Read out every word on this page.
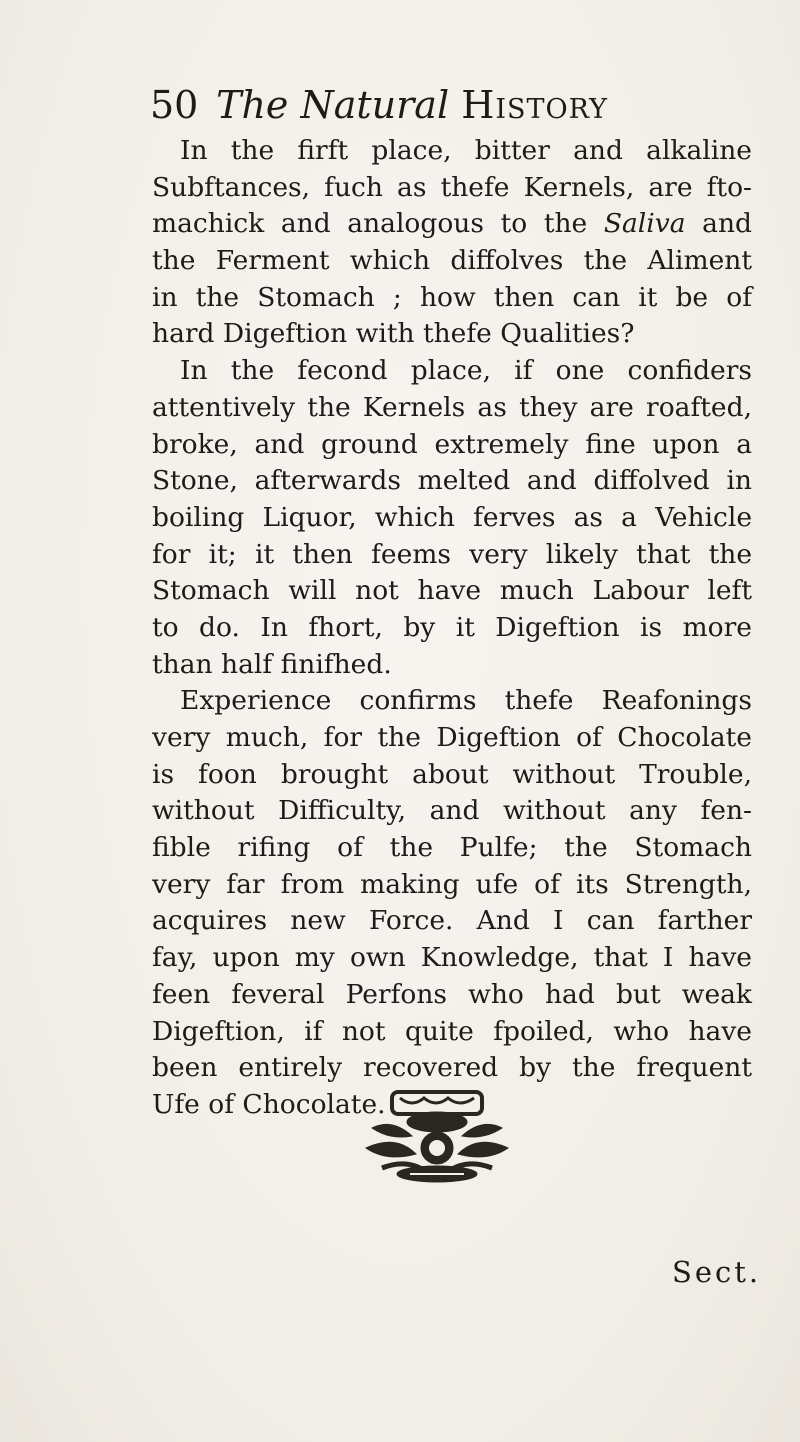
50 The Natural History
In the firft place, bitter and alkaline
Subftances, fuch as thefe Kernels, are fto-
machick and analogous to the Saliva and
the Ferment which diffolves the Aliment
in the Stomach ; how then can it be of
hard Digeftion with thefe Qualities?
In the fecond place, if one confiders
attentively the Kernels as they are roafted,
broke, and ground extremely fine upon a
Stone, afterwards melted and diffolved in
boiling Liquor, which ferves as a Vehicle
for it; it then feems very likely that the
Stomach will not have much Labour left
to do. In fhort, by it Digeftion is more
than half finifhed.
Experience confirms thefe Reafonings
very much, for the Digeftion of Chocolate
is foon brought about without Trouble,
without Difficulty, and without any fen-
fible rifing of the Pulfe; the Stomach
very far from making ufe of its Strength,
acquires new Force. And I can farther
fay, upon my own Knowledge, that I have
feen feveral Perfons who had but weak
Digeftion, if not quite fpoiled, who have
been entirely recovered by the frequent
Ufe of Chocolate.
Sect.
